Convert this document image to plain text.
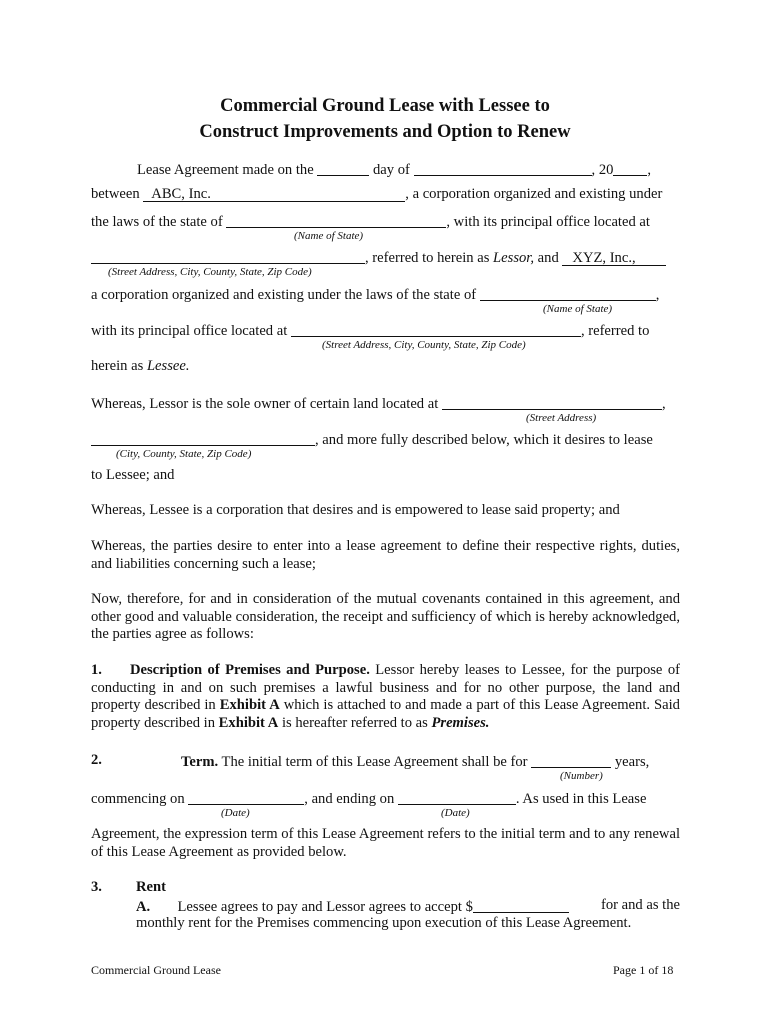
Commercial Ground Lease with Lessee to
Construct Improvements and Option to Renew
Lease Agreement made on the	day of	, 20 ,
between ABC, Inc.	, a corporation organized and existing under
the laws of the state of	, with its principal office located at
(Name of State)
, referred to herein as Lessor, and XYZ, Inc.,
(Street Address, City, County, State, Zip Code)
a corporation organized and existing under the laws of the state of	,
(Name of State)
with its principal office located at	, referred to
(Street Address, City, County, State, Zip Code)
herein as Lessee.
Whereas, Lessor is the sole owner of certain land located at	,
(Street Address)
, and more fully described below, which it desires to lease
(City, County, State, Zip Code)
to Lessee; and
Whereas, Lessee is a corporation that desires and is empowered to lease said property; and
Whereas, the parties desire to enter into a lease agreement to define their respective rights, duties, and liabilities concerning such a lease;
Now, therefore, for and in consideration of the mutual covenants contained in this agreement, and other good and valuable consideration, the receipt and sufficiency of which is hereby acknowledged, the parties agree as follows:
1. Description of Premises and Purpose. Lessor hereby leases to Lessee, for the purpose of conducting in and on such premises a lawful business and for no other purpose, the land and property described in Exhibit A which is attached to and made a part of this Lease Agreement. Said property described in Exhibit A is hereafter referred to as Premises.
2.	Term. The initial term of this Lease Agreement shall be for	years,
(Number)
commencing on	, and ending on	. As used in this Lease
(Date)	(Date)
Agreement, the expression term of this Lease Agreement refers to the initial term and to any renewal of this Lease Agreement as provided below.
3. Rent
A. Lessee agrees to pay and Lessor agrees to accept $	for and as the
monthly rent for the Premises commencing upon execution of this Lease Agreement.
Commercial Ground Lease	Page 1 of 18
